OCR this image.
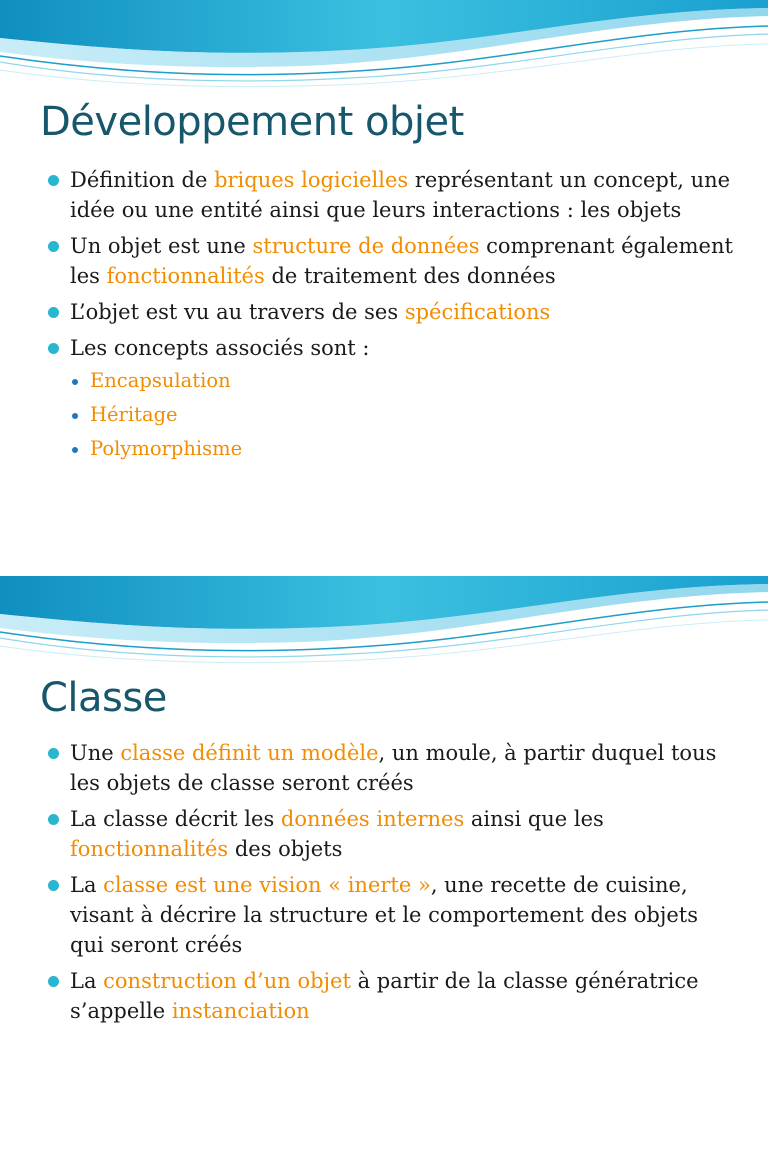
Développement objet
Définition de briques logicielles représentant un concept, une idée ou une entité ainsi que leurs interactions : les objets
Un objet est une structure de données comprenant également les fonctionnalités de traitement des données
L’objet est vu au travers de ses spécifications
Les concepts associés sont :
Encapsulation
Héritage
Polymorphisme
Classe
Une classe définit un modèle, un moule, à partir duquel tous les objets de classe seront créés
La classe décrit les données internes ainsi que les fonctionnalités des objets
La classe est une vision « inerte », une recette de cuisine, visant à décrire la structure et le comportement des objets qui seront créés
La construction d’un objet à partir de la classe génératrice s’appelle instanciation
